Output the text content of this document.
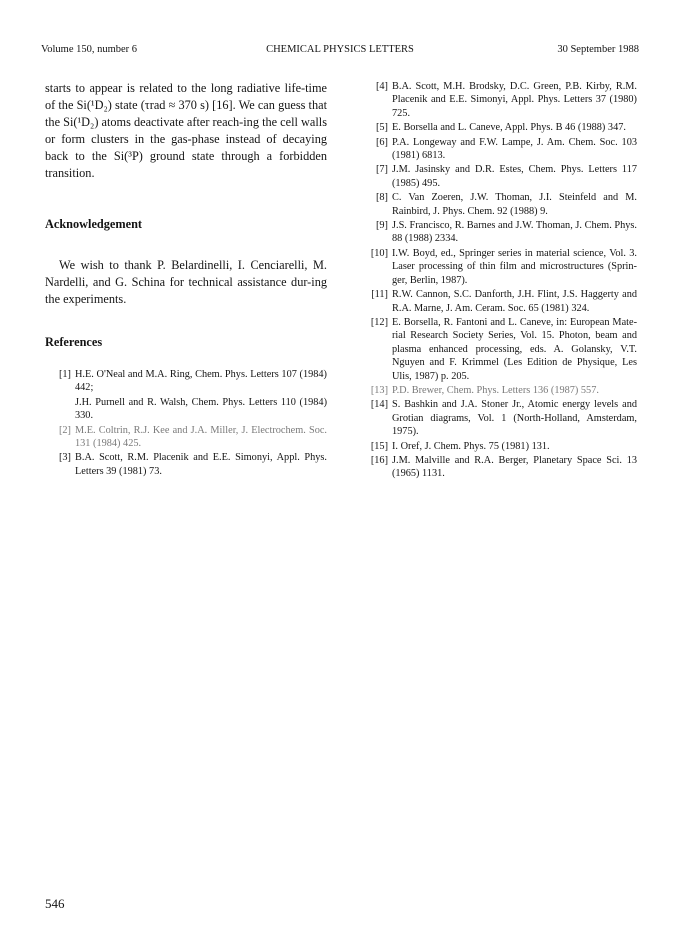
Volume 150, number 6	CHEMICAL PHYSICS LETTERS	30 September 1988

starts to appear is related to the long radiative life-time of the Si(¹D₂) state (τrad ≈ 370 s) [16]. We can guess that the Si(¹D₂) atoms deactivate after reach-ing the cell walls or form clusters in the gas-phase instead of decaying back to the Si(³P) ground state through a forbidden transition.

Acknowledgement

We wish to thank P. Belardinelli, I. Cenciarelli, M. Nardelli, and G. Schina for technical assistance dur-ing the experiments.

References
[1] H.E. O'Neal and M.A. Ring, Chem. Phys. Letters 107 (1984) 442;
J.H. Purnell and R. Walsh, Chem. Phys. Letters 110 (1984) 330.
[2] M.E. Coltrin, R.J. Kee and J.A. Miller, J. Electrochem. Soc. 131 (1984) 425.
[3] B.A. Scott, R.M. Placenik and E.E. Simonyi, Appl. Phys. Letters 39 (1981) 73.
[4] B.A. Scott, M.H. Brodsky, D.C. Green, P.B. Kirby, R.M. Placenik and E.E. Simonyi, Appl. Phys. Letters 37 (1980) 725.
[5] E. Borsella and L. Caneve, Appl. Phys. B 46 (1988) 347.
[6] P.A. Longeway and F.W. Lampe, J. Am. Chem. Soc. 103 (1981) 6813.
[7] J.M. Jasinsky and D.R. Estes, Chem. Phys. Letters 117 (1985) 495.
[8] C. Van Zoeren, J.W. Thoman, J.I. Steinfeld and M. Rainbird, J. Phys. Chem. 92 (1988) 9.
[9] J.S. Francisco, R. Barnes and J.W. Thoman, J. Chem. Phys. 88 (1988) 2334.
[10] I.W. Boyd, ed., Springer series in material science, Vol. 3. Laser processing of thin film and microstructures (Sprin-ger, Berlin, 1987).
[11] R.W. Cannon, S.C. Danforth, J.H. Flint, J.S. Haggerty and R.A. Marne, J. Am. Ceram. Soc. 65 (1981) 324.
[12] E. Borsella, R. Fantoni and L. Caneve, in: European Mate-rial Research Society Series, Vol. 15. Photon, beam and plasma enhanced processing, eds. A. Golansky, V.T. Nguyen and F. Krimmel (Les Edition de Physique, Les Ulis, 1987) p. 205.
[13] P.D. Brewer, Chem. Phys. Letters 136 (1987) 557.
[14] S. Bashkin and J.A. Stoner Jr., Atomic energy levels and Grotian diagrams, Vol. 1 (North-Holland, Amsterdam, 1975).
[15] I. Oref, J. Chem. Phys. 75 (1981) 131.
[16] J.M. Malville and R.A. Berger, Planetary Space Sci. 13 (1965) 1131.
546
